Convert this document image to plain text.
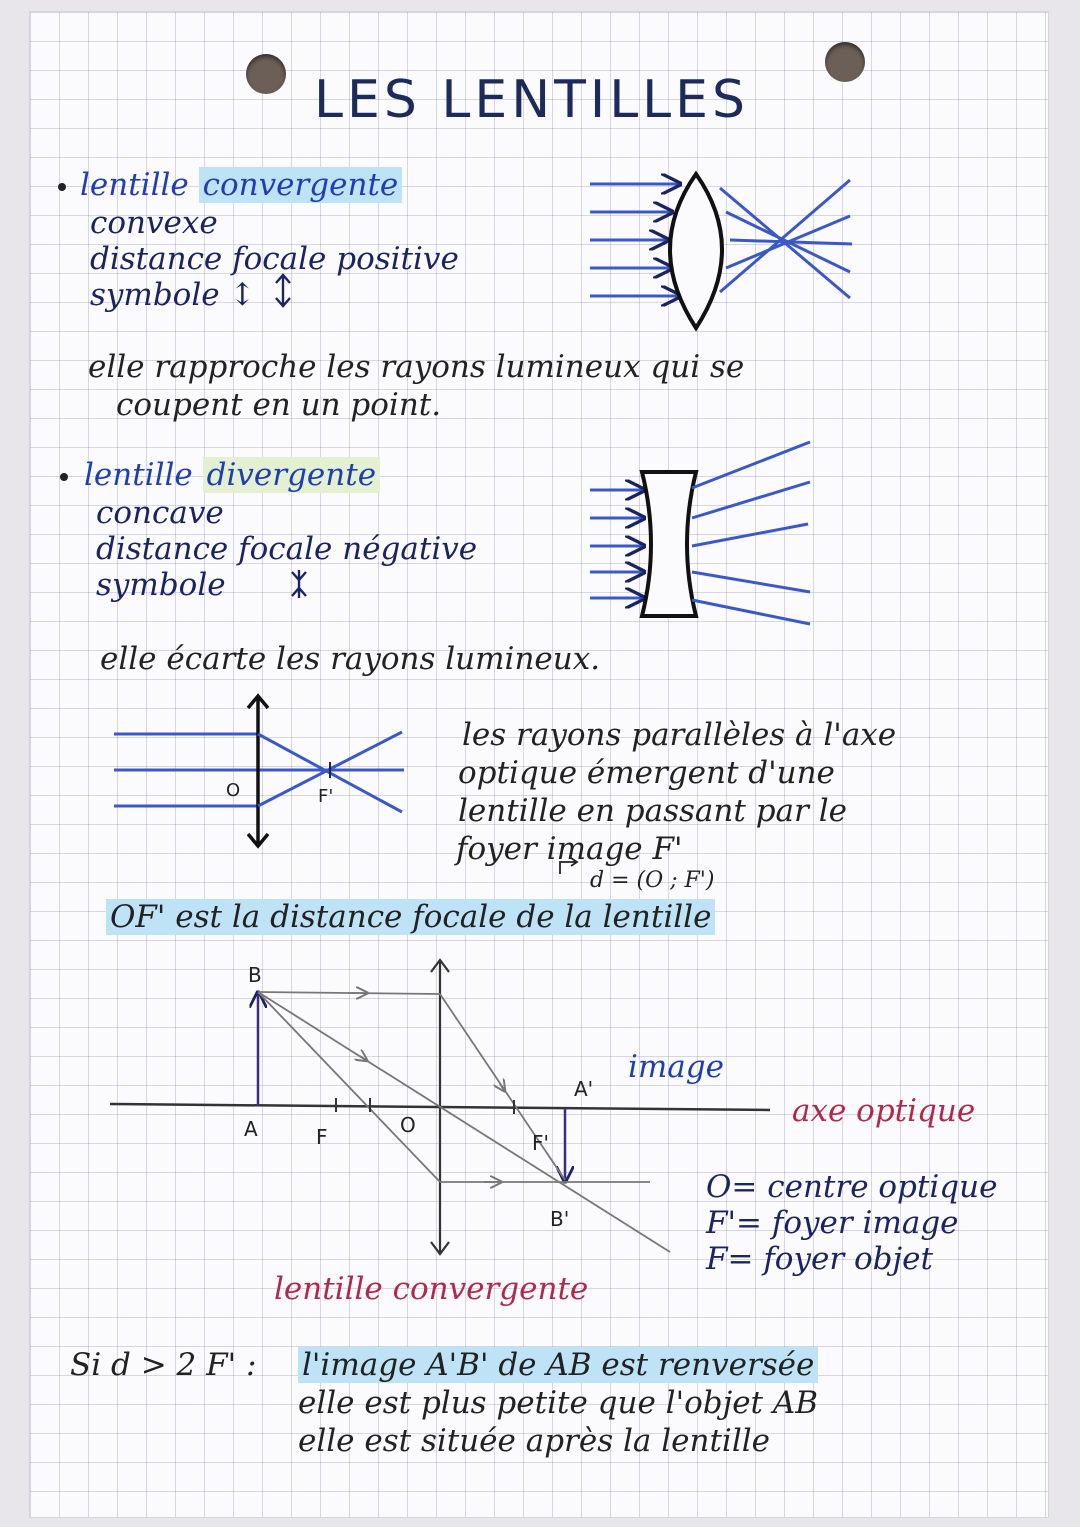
LES LENTILLES
lentille convergente
convexe
distance focale positive
symbole ↕
elle rapproche les rayons lumineux qui se
coupent en un point.
lentille divergente
concave
distance focale négative
symbole
elle écarte les rayons lumineux.
les rayons parallèles à l'axe
optique émergent d'une
lentille en passant par le
foyer image F'
d = (O ; F')
OF' est la distance focale de la lentille
image
axe optique
O= centre optique
F'= foyer image
F= foyer objet
lentille convergente
Si d > 2 F' : l'image A'B' de AB est renversée
elle est plus petite que l'objet AB
elle est située après la lentille
O	F'
B
A	F	O
F'
A'
B'
